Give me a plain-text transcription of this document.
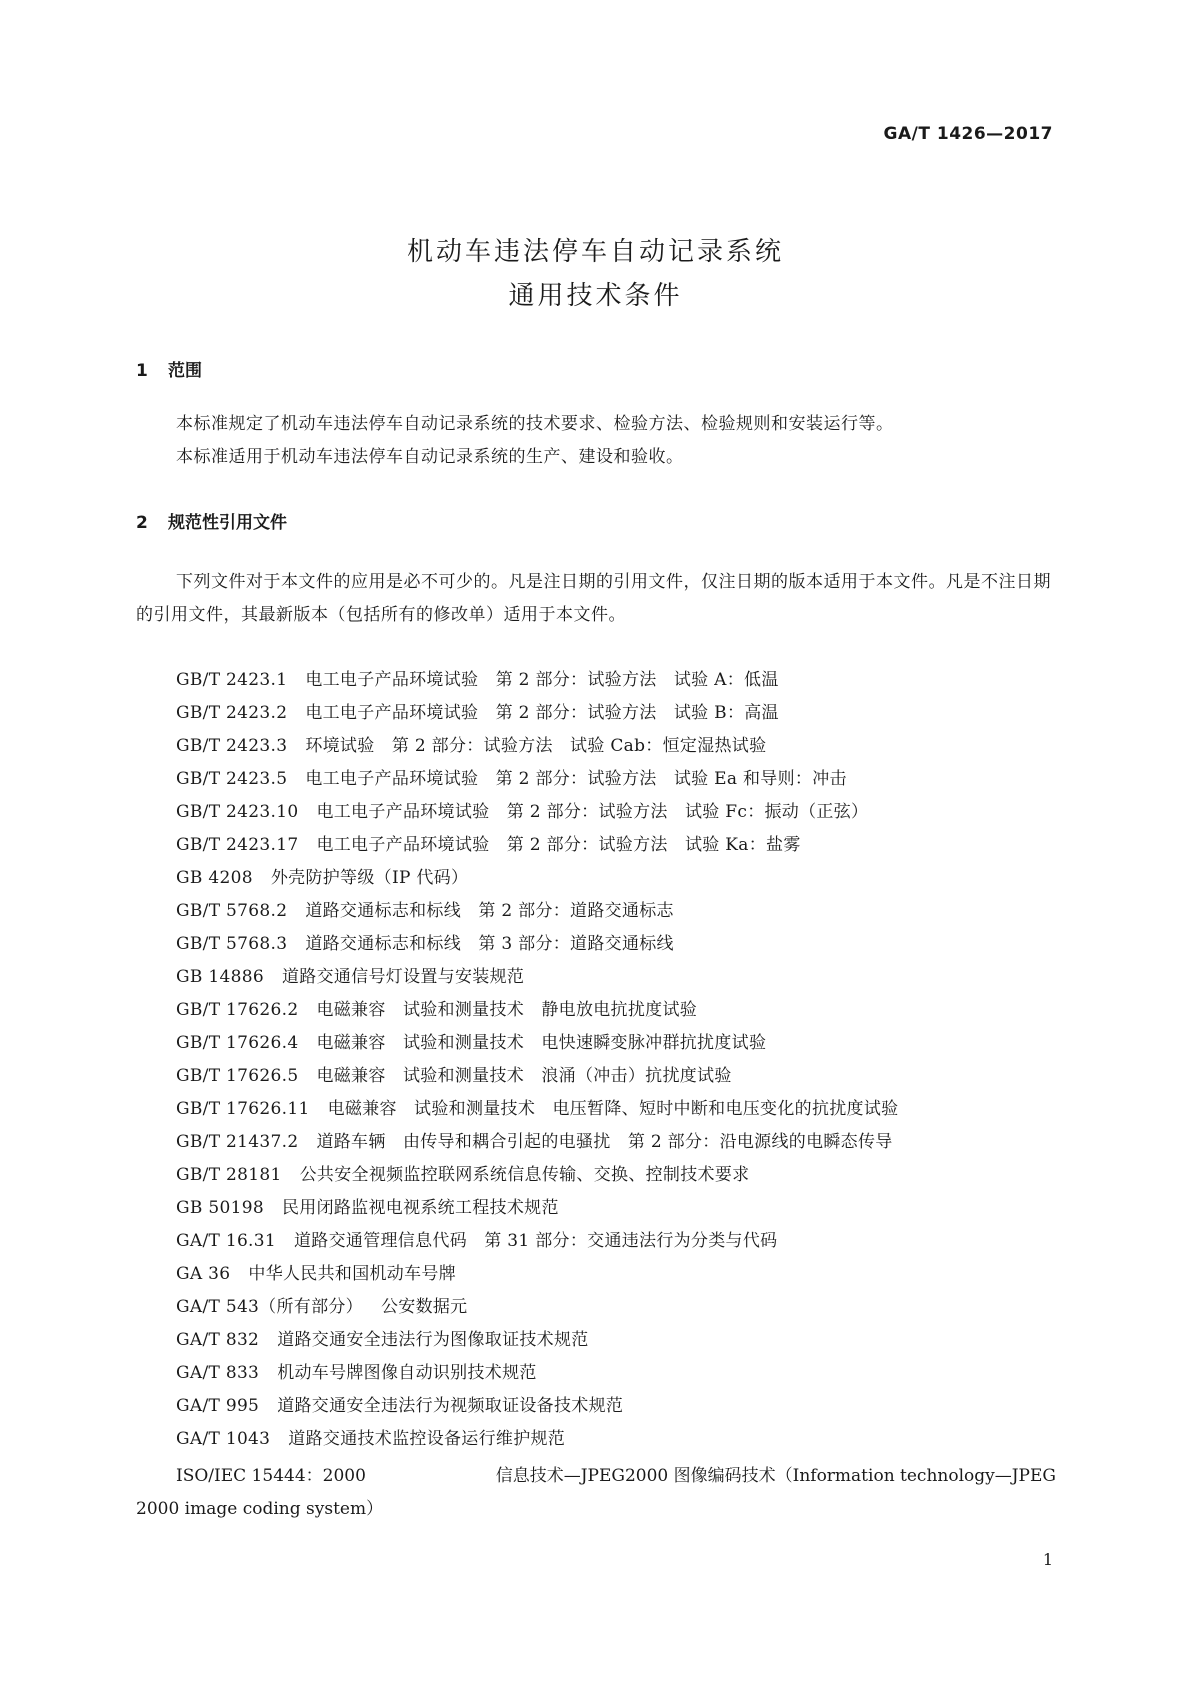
GA/T 1426—2017
机动车违法停车自动记录系统
通用技术条件
1 范围
本标准规定了机动车违法停车自动记录系统的技术要求、检验方法、检验规则和安装运行等。
本标准适用于机动车违法停车自动记录系统的生产、建设和验收。
2 规范性引用文件
下列文件对于本文件的应用是必不可少的。凡是注日期的引用文件，仅注日期的版本适用于本文件。凡是不注日期的引用文件，其最新版本（包括所有的修改单）适用于本文件。
GB/T 2423.1 电工电子产品环境试验　第 2 部分：试验方法　试验 A：低温
GB/T 2423.2 电工电子产品环境试验　第 2 部分：试验方法　试验 B：高温
GB/T 2423.3 环境试验　第 2 部分：试验方法　试验 Cab：恒定湿热试验
GB/T 2423.5 电工电子产品环境试验　第 2 部分：试验方法　试验 Ea 和导则：冲击
GB/T 2423.10 电工电子产品环境试验　第 2 部分：试验方法　试验 Fc：振动（正弦）
GB/T 2423.17 电工电子产品环境试验　第 2 部分：试验方法　试验 Ka：盐雾
GB 4208 外壳防护等级（IP 代码）
GB/T 5768.2 道路交通标志和标线　第 2 部分：道路交通标志
GB/T 5768.3 道路交通标志和标线　第 3 部分：道路交通标线
GB 14886 道路交通信号灯设置与安装规范
GB/T 17626.2 电磁兼容　试验和测量技术　静电放电抗扰度试验
GB/T 17626.4 电磁兼容　试验和测量技术　电快速瞬变脉冲群抗扰度试验
GB/T 17626.5 电磁兼容　试验和测量技术　浪涌（冲击）抗扰度试验
GB/T 17626.11 电磁兼容　试验和测量技术　电压暂降、短时中断和电压变化的抗扰度试验
GB/T 21437.2 道路车辆　由传导和耦合引起的电骚扰　第 2 部分：沿电源线的电瞬态传导
GB/T 28181 公共安全视频监控联网系统信息传输、交换、控制技术要求
GB 50198 民用闭路监视电视系统工程技术规范
GA/T 16.31 道路交通管理信息代码　第 31 部分：交通违法行为分类与代码
GA 36 中华人民共和国机动车号牌
GA/T 543（所有部分） 公安数据元
GA/T 832 道路交通安全违法行为图像取证技术规范
GA/T 833 机动车号牌图像自动识别技术规范
GA/T 995 道路交通安全违法行为视频取证设备技术规范
GA/T 1043 道路交通技术监控设备运行维护规范
ISO/IEC 15444：2000	信息技术—JPEG2000 图像编码技术（Information technology—JPEG
2000 image coding system）
1
